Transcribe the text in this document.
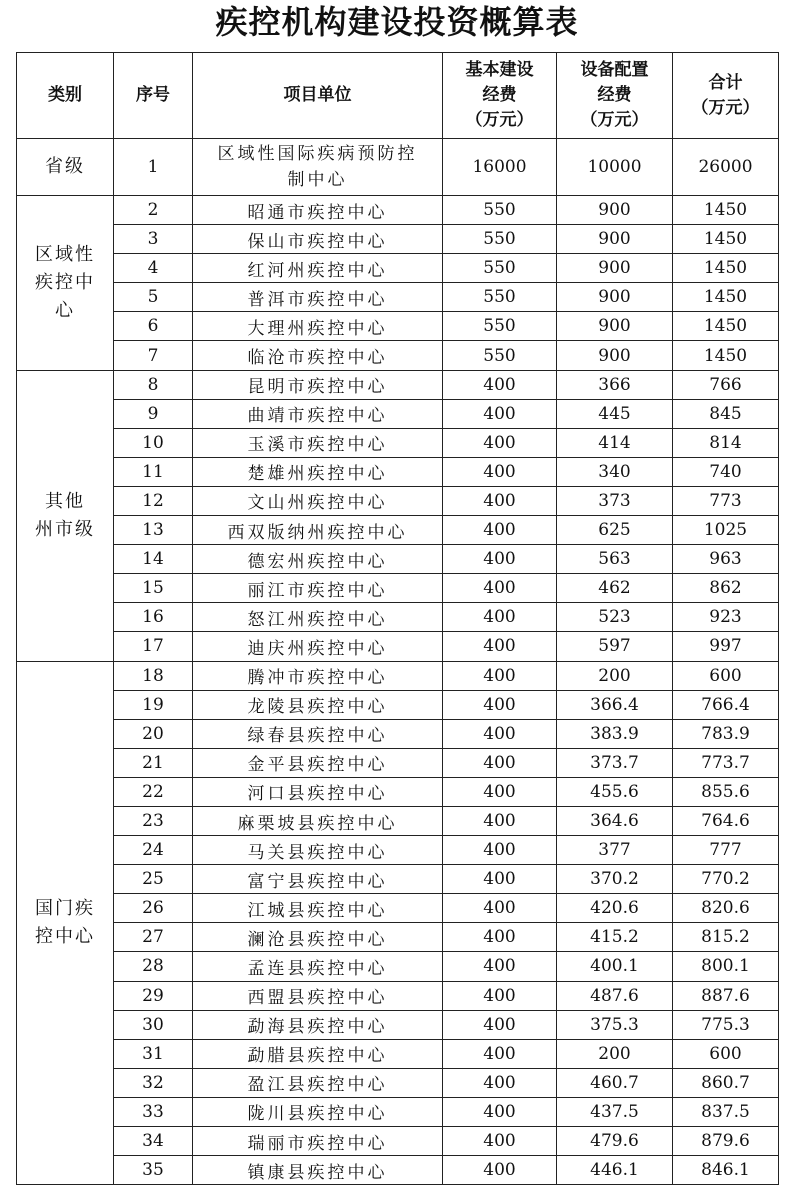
疾控机构建设投资概算表
类别	序号	项目单位	基本建设
经费
（万元）	设备配置
经费
（万元）	合计
（万元）

省级	1	区域性国际疾病预防控制中心	16000	10000	26000

区域性
疾控中
心	2	昭通市疾控中心	550	900	1450
	3	保山市疾控中心	550	900	1450
	4	红河州疾控中心	550	900	1450
	5	普洱市疾控中心	550	900	1450
	6	大理州疾控中心	550	900	1450
	7	临沧市疾控中心	550	900	1450

其他
州市级	8	昆明市疾控中心	400	366	766
	9	曲靖市疾控中心	400	445	845
	10	玉溪市疾控中心	400	414	814
	11	楚雄州疾控中心	400	340	740
	12	文山州疾控中心	400	373	773
	13	西双版纳州疾控中心	400	625	1025
	14	德宏州疾控中心	400	563	963
	15	丽江市疾控中心	400	462	862
	16	怒江州疾控中心	400	523	923
	17	迪庆州疾控中心	400	597	997

国门疾
控中心	18	腾冲市疾控中心	400	200	600
	19	龙陵县疾控中心	400	366.4	766.4
	20	绿春县疾控中心	400	383.9	783.9
	21	金平县疾控中心	400	373.7	773.7
	22	河口县疾控中心	400	455.6	855.6
	23	麻栗坡县疾控中心	400	364.6	764.6
	24	马关县疾控中心	400	377	777
	25	富宁县疾控中心	400	370.2	770.2
	26	江城县疾控中心	400	420.6	820.6
	27	澜沧县疾控中心	400	415.2	815.2
	28	孟连县疾控中心	400	400.1	800.1
	29	西盟县疾控中心	400	487.6	887.6
	30	勐海县疾控中心	400	375.3	775.3
	31	勐腊县疾控中心	400	200	600
	32	盈江县疾控中心	400	460.7	860.7
	33	陇川县疾控中心	400	437.5	837.5
	34	瑞丽市疾控中心	400	479.6	879.6
	35	镇康县疾控中心	400	446.1	846.1
